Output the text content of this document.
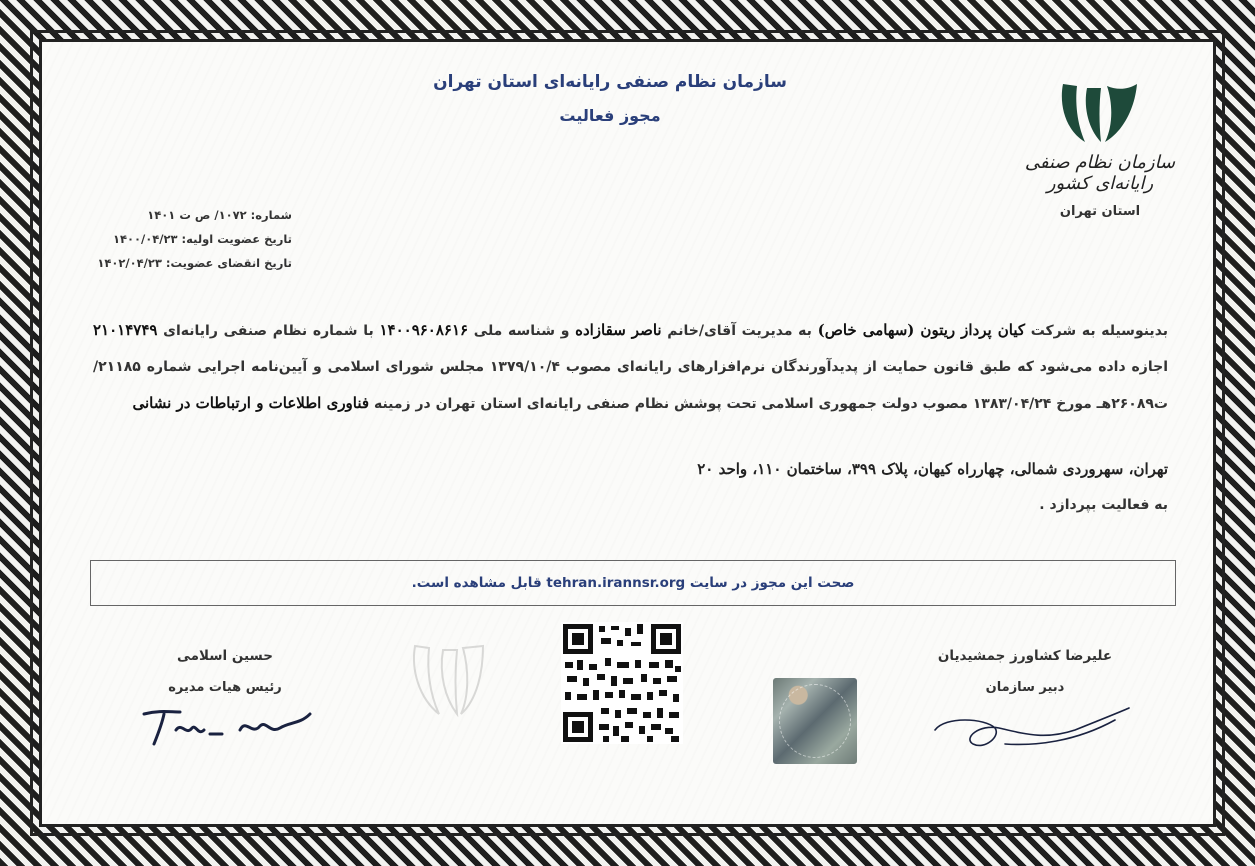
سازمان نظام صنفی رایانه‌ای استان تهران
مجوز فعالیت
سازمان نظام صنفی رایانه‌ای کشور
استان تهران
شماره: ۱۰۷۲/ ص ت ۱۴۰۱
تاریخ عضویت اولیه: ۱۴۰۰/۰۴/۲۳
تاریخ انقضای عضویت: ۱۴۰۲/۰۴/۲۳

بدینوسیله به شرکت کیان پرداز ریتون (سهامی خاص) به مدیریت آقای/خانم ناصر سقازاده و شناسه ملی ۱۴۰۰۹۶۰۸۶۱۶ با شماره نظام صنفی رایانه‌ای ۲۱۰۱۴۷۴۹ اجازه داده می‌شود که طبق قانون حمایت از پدیدآورندگان نرم‌افزارهای رایانه‌ای مصوب ۱۳۷۹/۱۰/۴ مجلس شورای اسلامی و آیین‌نامه اجرایی شماره ۲۱۱۸۵/ت۲۶۰۸۹هـ مورخ ۱۳۸۳/۰۴/۲۴ مصوب دولت جمهوری اسلامی تحت پوشش نظام صنفی رایانه‌ای استان تهران در زمینه فناوری اطلاعات و ارتباطات در نشانی

تهران، سهروردی شمالی، چهارراه کیهان، پلاک ۳۹۹، ساختمان ۱۱۰، واحد ۲۰
به فعالیت بپردازد .
صحت این مجوز در سایت tehran.irannsr.org قابل مشاهده است.
حسین اسلامی
رئیس هیات مدیره
علیرضا کشاورز جمشیدیان
دبیر سازمان
